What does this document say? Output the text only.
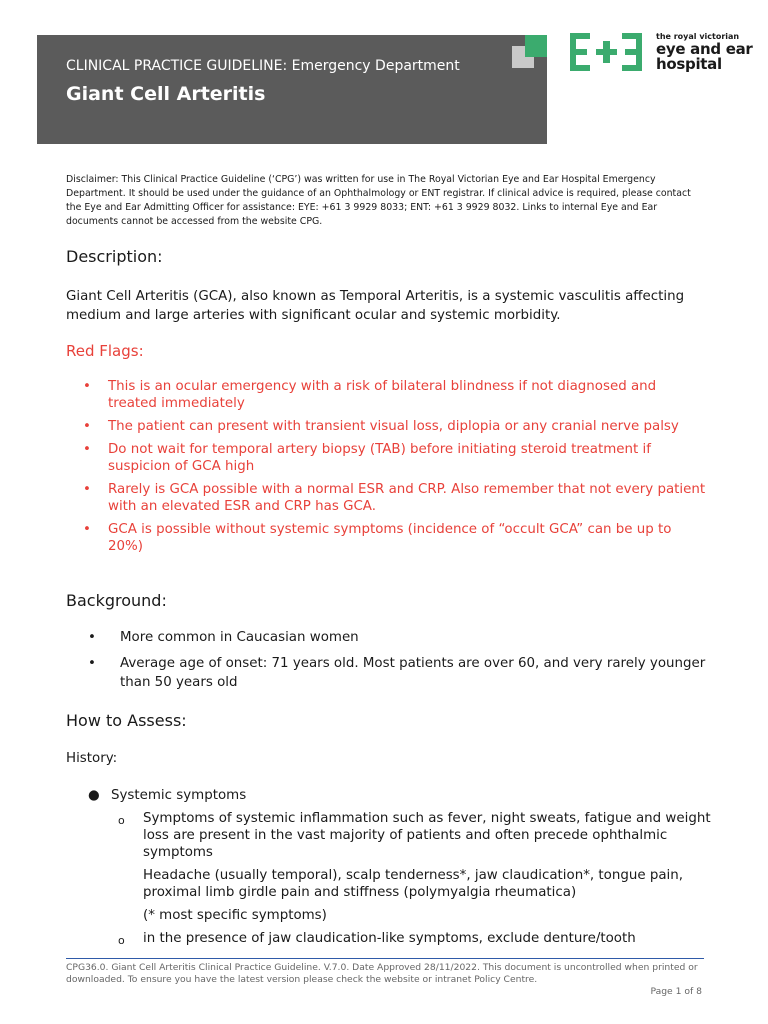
CLINICAL PRACTICE GUIDELINE: Emergency Department
Giant Cell Arteritis
the royal victorian
eye and ear
hospital
Disclaimer: This Clinical Practice Guideline (‘CPG’) was written for use in The Royal Victorian Eye and Ear Hospital Emergency Department. It should be used under the guidance of an Ophthalmology or ENT registrar. If clinical advice is required, please contact the Eye and Ear Admitting Officer for assistance: EYE: +61 3 9929 8033; ENT: +61 3 9929 8032. Links to internal Eye and Ear documents cannot be accessed from the website CPG.
Description:
Giant Cell Arteritis (GCA), also known as Temporal Arteritis, is a systemic vasculitis affecting medium and large arteries with significant ocular and systemic morbidity.
Red Flags:
• This is an ocular emergency with a risk of bilateral blindness if not diagnosed and treated immediately
• The patient can present with transient visual loss, diplopia or any cranial nerve palsy
• Do not wait for temporal artery biopsy (TAB) before initiating steroid treatment if suspicion of GCA high
• Rarely is GCA possible with a normal ESR and CRP. Also remember that not every patient with an elevated ESR and CRP has GCA.
• GCA is possible without systemic symptoms (incidence of “occult GCA” can be up to 20%)
Background:
• More common in Caucasian women
• Average age of onset: 71 years old. Most patients are over 60, and very rarely younger than 50 years old
How to Assess:
History:
● Systemic symptoms
o Symptoms of systemic inflammation such as fever, night sweats, fatigue and weight loss are present in the vast majority of patients and often precede ophthalmic symptoms
Headache (usually temporal), scalp tenderness*, jaw claudication*, tongue pain, proximal limb girdle pain and stiffness (polymyalgia rheumatica)
(* most specific symptoms)
o in the presence of jaw claudication-like symptoms, exclude denture/tooth
CPG36.0. Giant Cell Arteritis Clinical Practice Guideline. V.7.0. Date Approved 28/11/2022. This document is uncontrolled when printed or downloaded. To ensure you have the latest version please check the website or intranet Policy Centre.
Page 1 of 8
